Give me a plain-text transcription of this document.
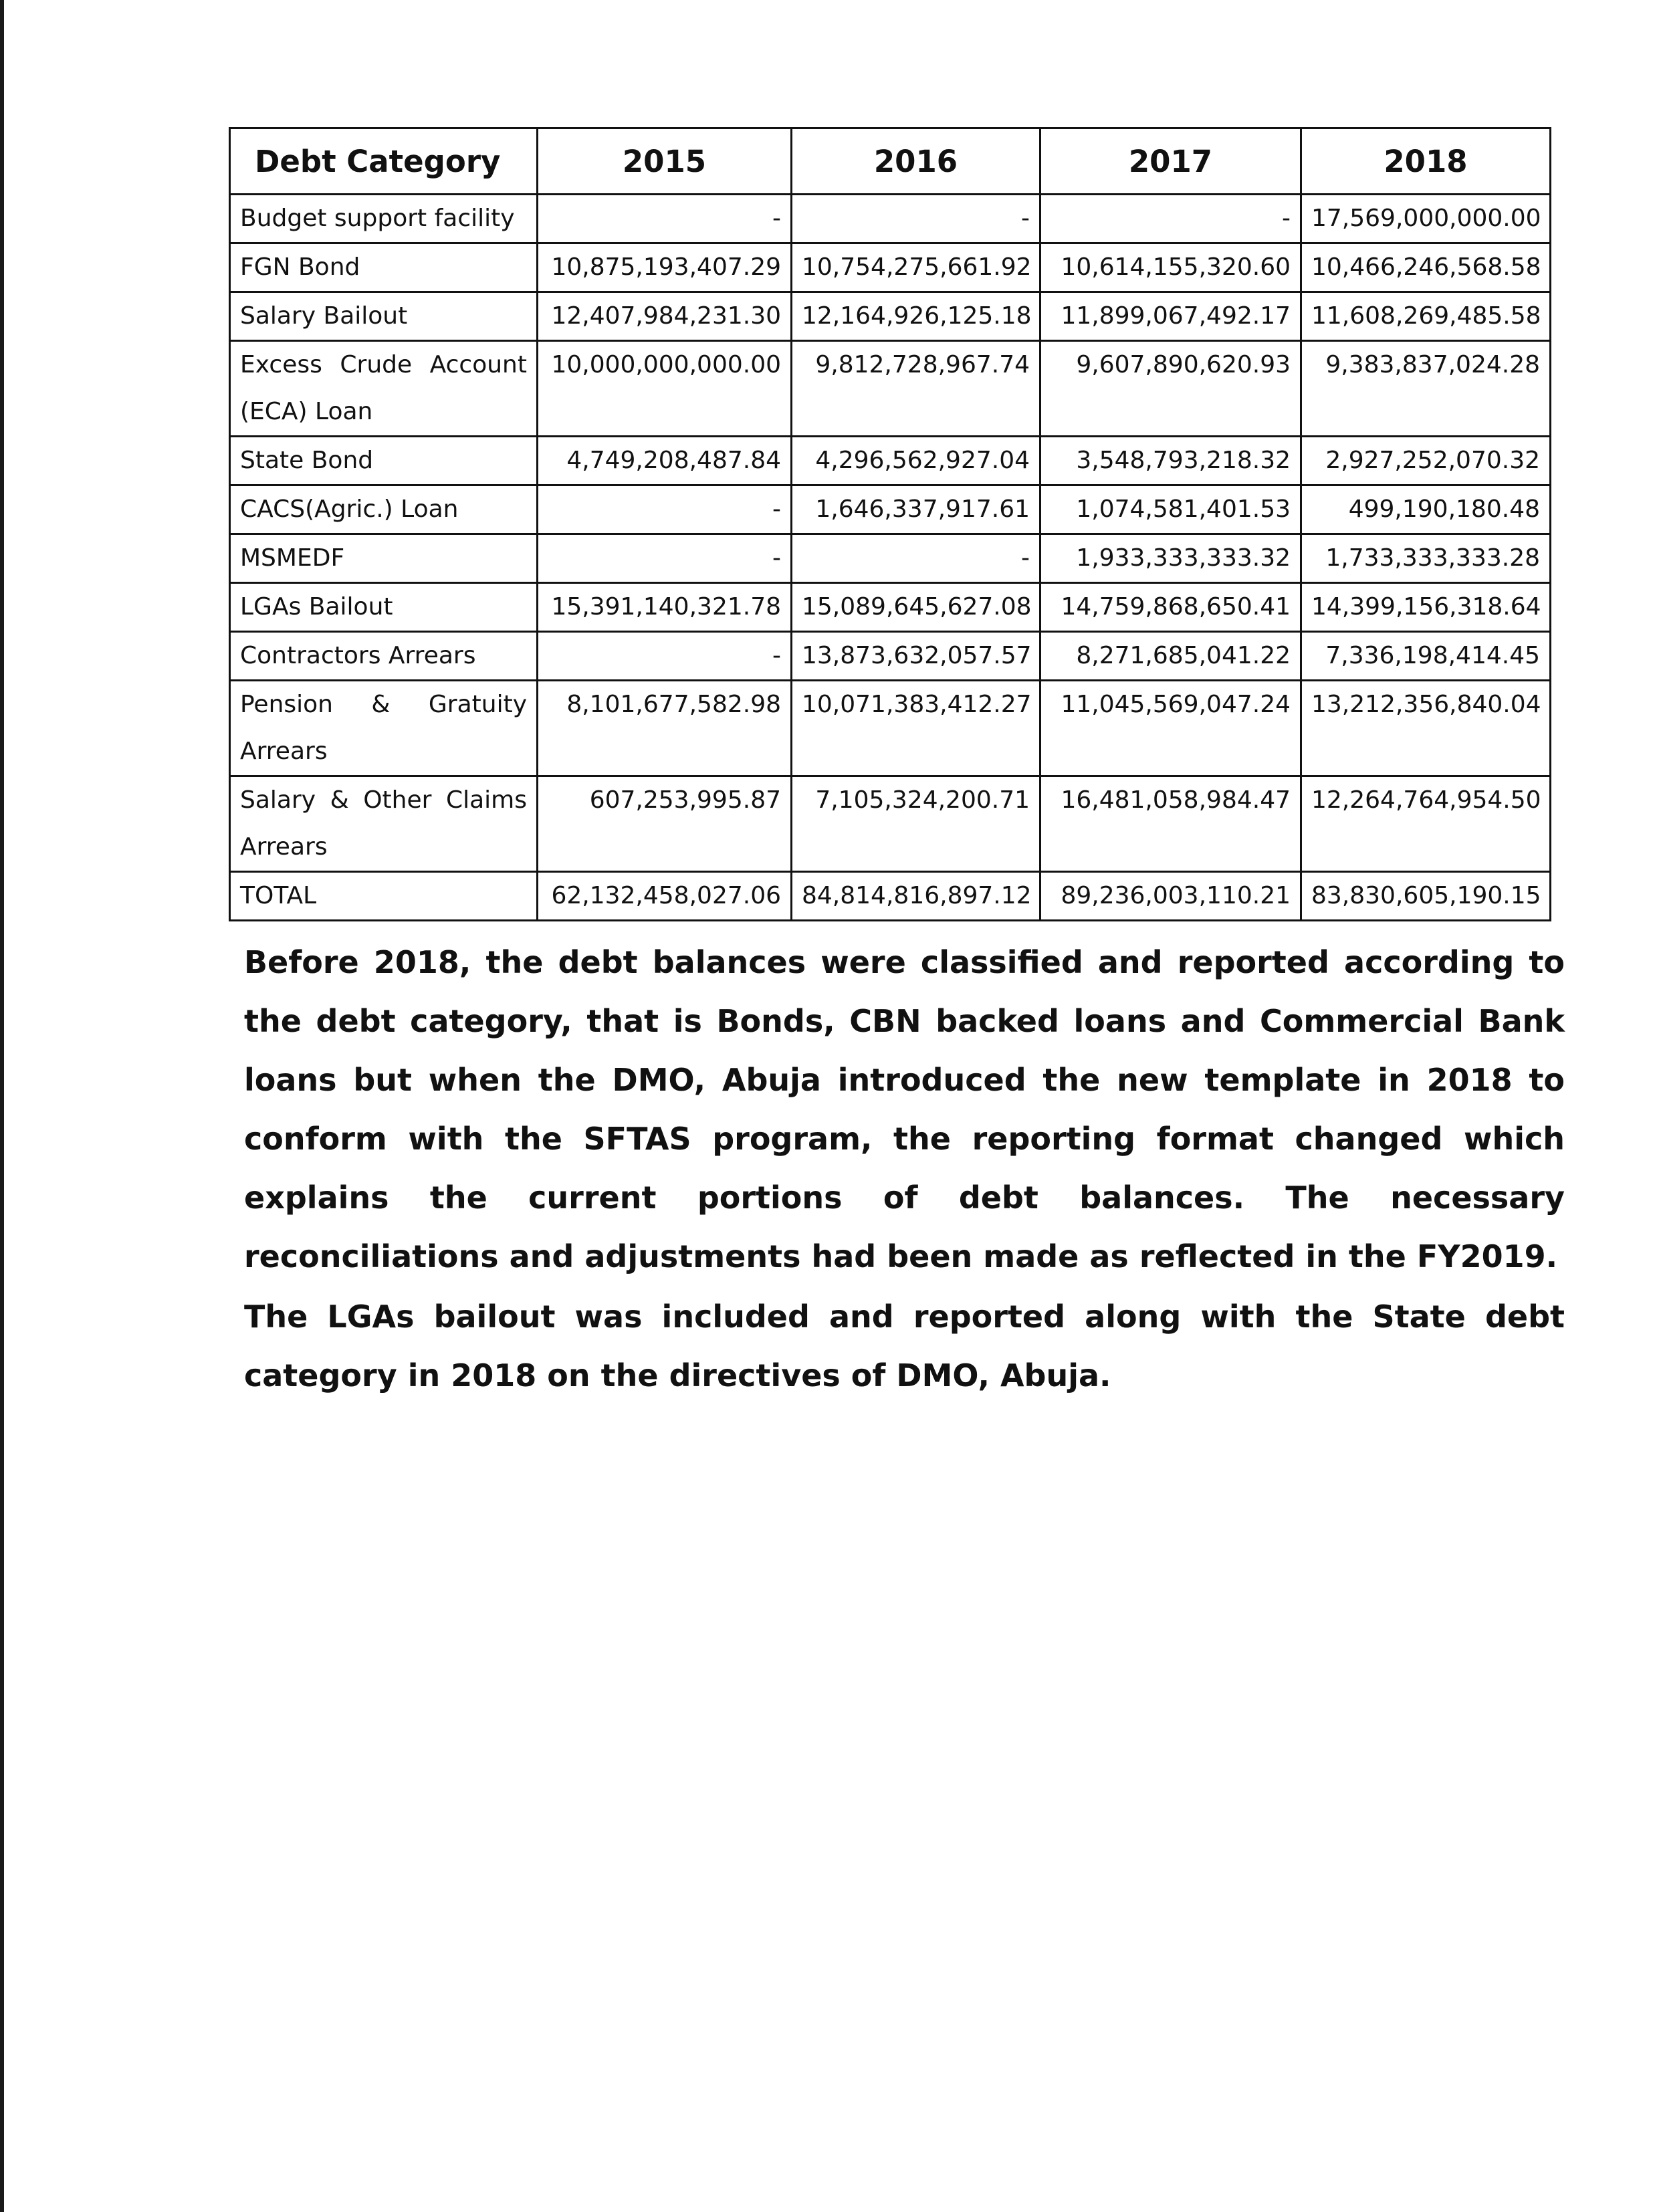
Debt Category	2015	2016	2017	2018
Budget support facility	-	-	-	17,569,000,000.00
FGN Bond	10,875,193,407.29	10,754,275,661.92	10,614,155,320.60	10,466,246,568.58
Salary Bailout	12,407,984,231.30	12,164,926,125.18	11,899,067,492.17	11,608,269,485.58
Excess Crude Account (ECA) Loan	10,000,000,000.00	9,812,728,967.74	9,607,890,620.93	9,383,837,024.28
State Bond	4,749,208,487.84	4,296,562,927.04	3,548,793,218.32	2,927,252,070.32
CACS(Agric.) Loan	-	1,646,337,917.61	1,074,581,401.53	499,190,180.48
MSMEDF	-	-	1,933,333,333.32	1,733,333,333.28
LGAs Bailout	15,391,140,321.78	15,089,645,627.08	14,759,868,650.41	14,399,156,318.64
Contractors Arrears	-	13,873,632,057.57	8,271,685,041.22	7,336,198,414.45
Pension & Gratuity Arrears	8,101,677,582.98	10,071,383,412.27	11,045,569,047.24	13,212,356,840.04
Salary & Other Claims Arrears	607,253,995.87	7,105,324,200.71	16,481,058,984.47	12,264,764,954.50
TOTAL	62,132,458,027.06	84,814,816,897.12	89,236,003,110.21	83,830,605,190.15

Before 2018, the debt balances were classified and reported according to the debt category, that is Bonds, CBN backed loans and Commercial Bank loans but when the DMO, Abuja introduced the new template in 2018 to conform with the SFTAS program, the reporting format changed which explains the current portions of debt balances. The necessary reconciliations and adjustments had been made as reflected in the FY2019.

The LGAs bailout was included and reported along with the State debt category in 2018 on the directives of DMO, Abuja.
